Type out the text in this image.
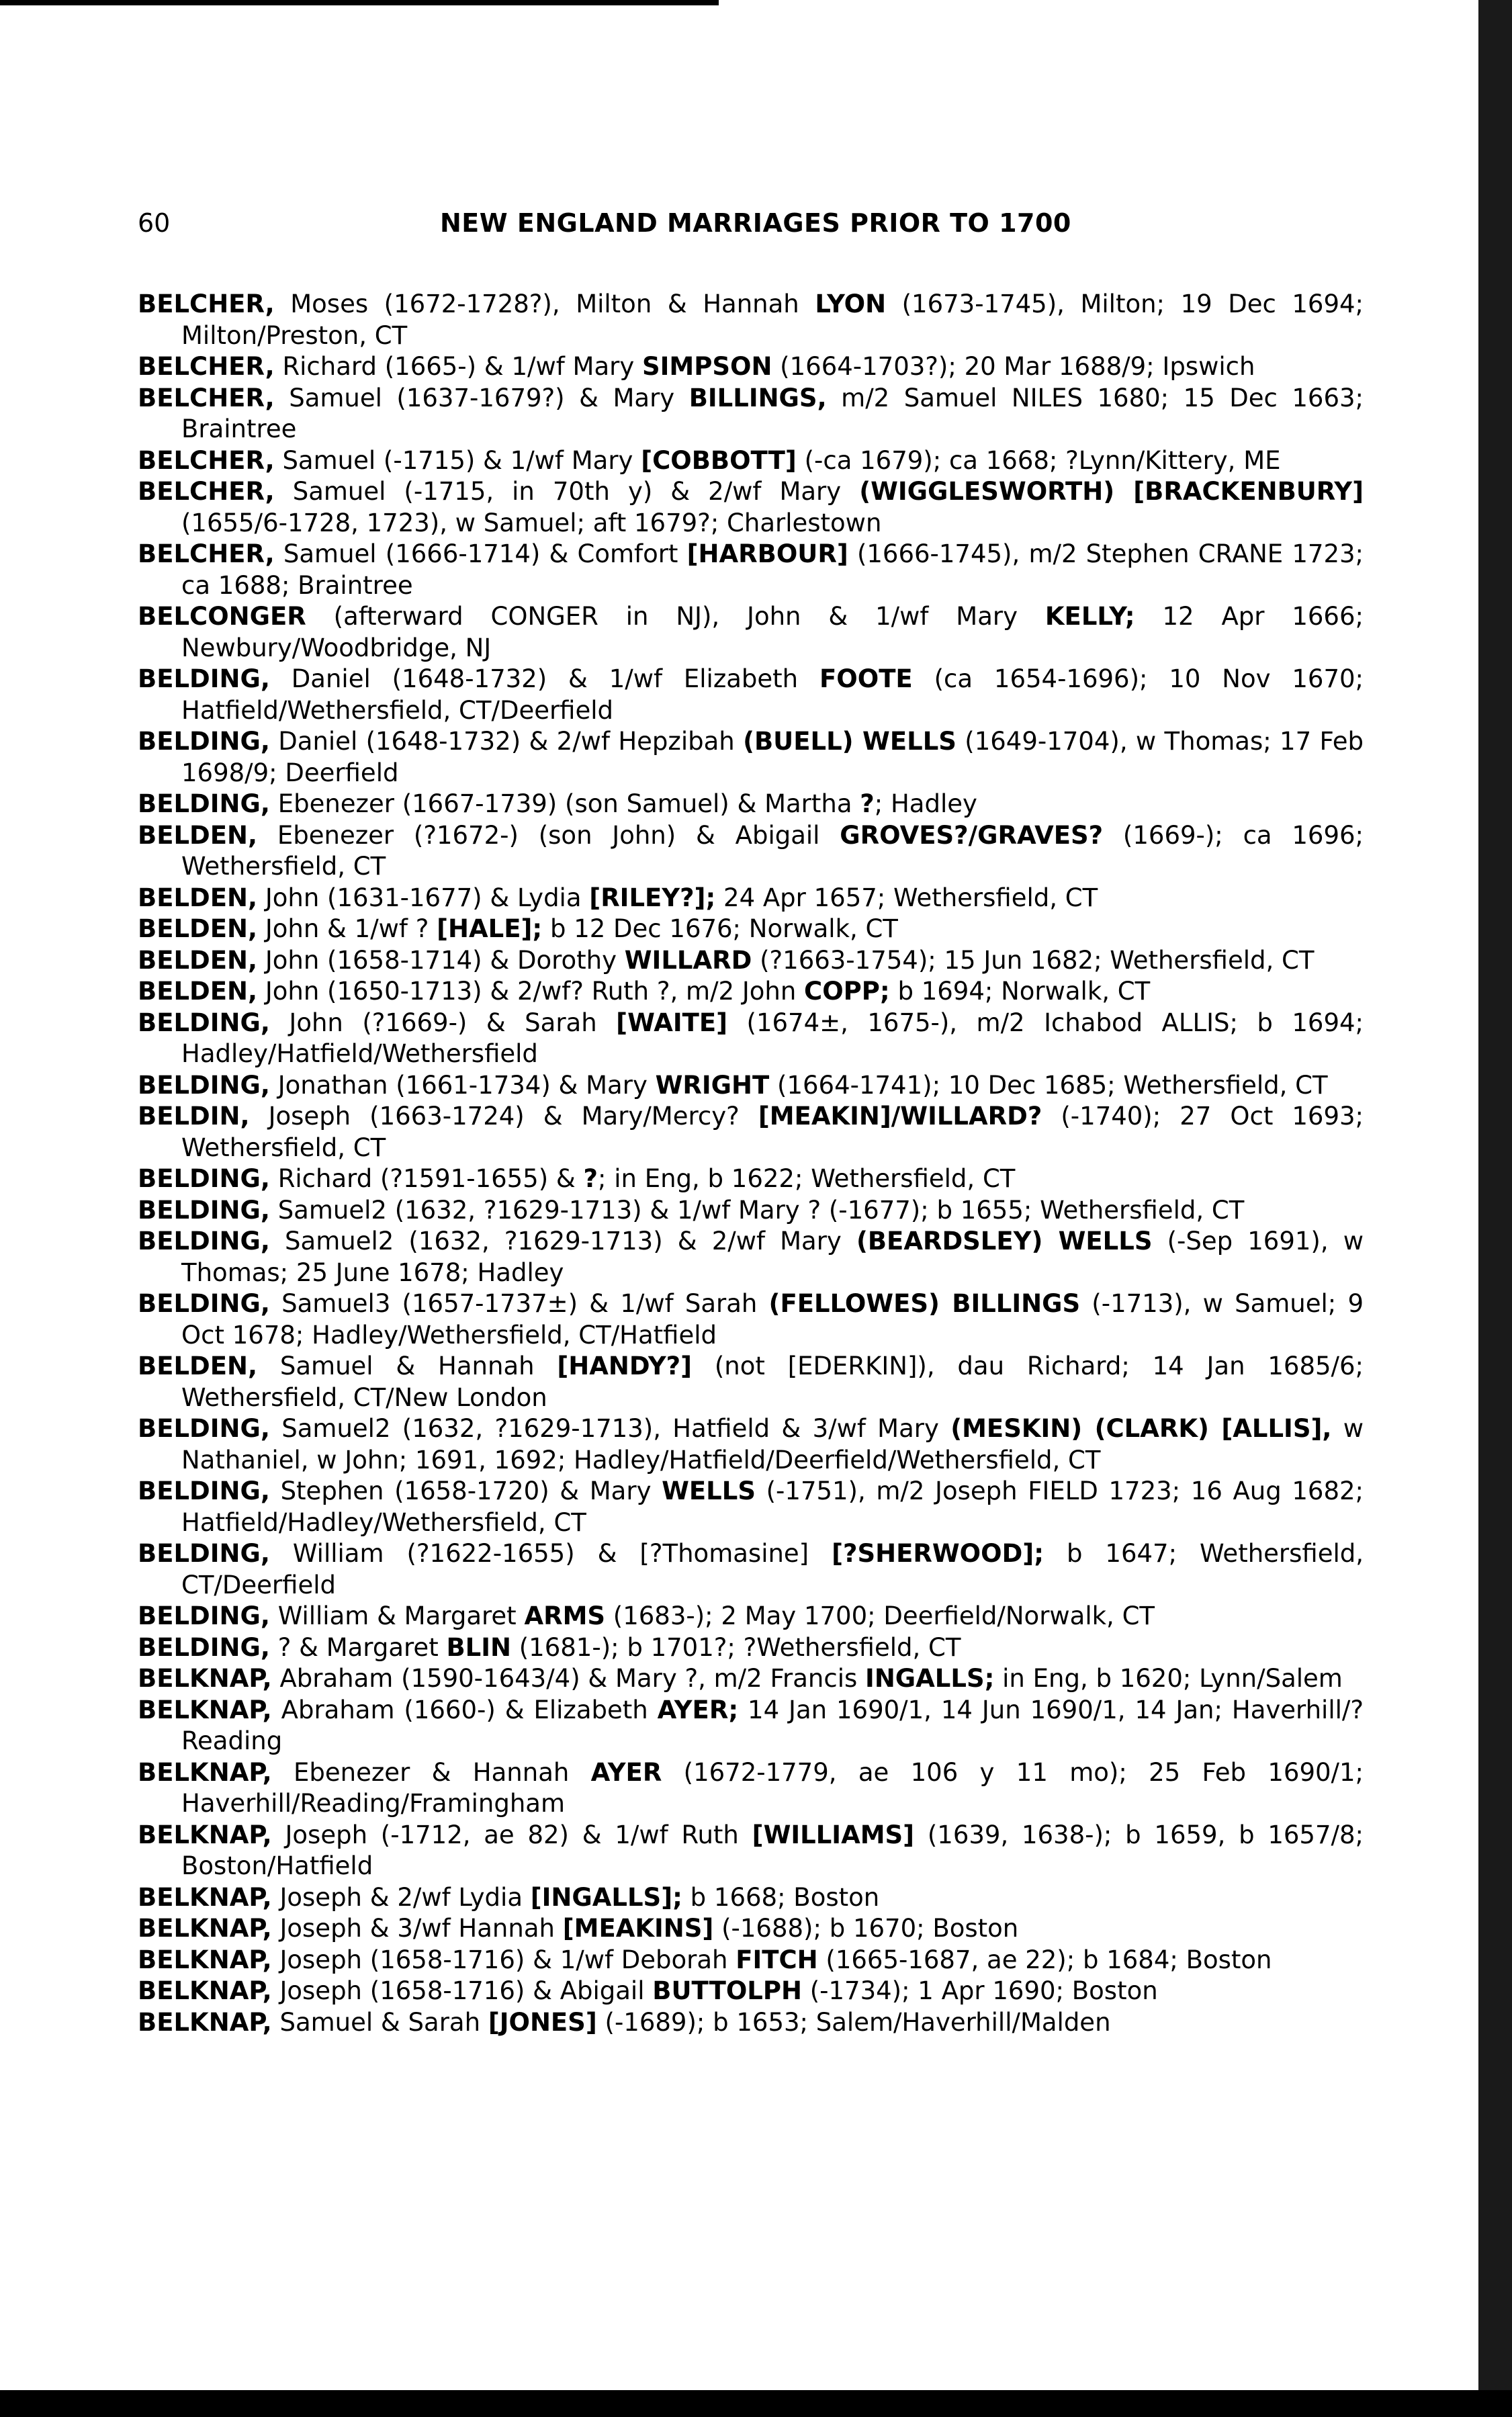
60	NEW ENGLAND MARRIAGES PRIOR TO 1700
BELCHER, Moses (1672-1728?), Milton & Hannah LYON (1673-1745), Milton; 19 Dec 1694; Milton/Preston, CT
BELCHER, Richard (1665-) & 1/wf Mary SIMPSON (1664-1703?); 20 Mar 1688/9; Ipswich
BELCHER, Samuel (1637-1679?) & Mary BILLINGS, m/2 Samuel NILES 1680; 15 Dec 1663; Braintree
BELCHER, Samuel (-1715) & 1/wf Mary [COBBOTT] (-ca 1679); ca 1668; ?Lynn/Kittery, ME
BELCHER, Samuel (-1715, in 70th y) & 2/wf Mary (WIGGLESWORTH) [BRACKENBURY] (1655/6-1728, 1723), w Samuel; aft 1679?; Charlestown
BELCHER, Samuel (1666-1714) & Comfort [HARBOUR] (1666-1745), m/2 Stephen CRANE 1723; ca 1688; Braintree
BELCONGER (afterward CONGER in NJ), John & 1/wf Mary KELLY; 12 Apr 1666; Newbury/Woodbridge, NJ
BELDING, Daniel (1648-1732) & 1/wf Elizabeth FOOTE (ca 1654-1696); 10 Nov 1670; Hatfield/Wethersfield, CT/Deerfield
BELDING, Daniel (1648-1732) & 2/wf Hepzibah (BUELL) WELLS (1649-1704), w Thomas; 17 Feb 1698/9; Deerfield
BELDING, Ebenezer (1667-1739) (son Samuel) & Martha ?; Hadley
BELDEN, Ebenezer (?1672-) (son John) & Abigail GROVES?/GRAVES? (1669-); ca 1696; Wethersfield, CT
BELDEN, John (1631-1677) & Lydia [RILEY?]; 24 Apr 1657; Wethersfield, CT
BELDEN, John & 1/wf ? [HALE]; b 12 Dec 1676; Norwalk, CT
BELDEN, John (1658-1714) & Dorothy WILLARD (?1663-1754); 15 Jun 1682; Wethersfield, CT
BELDEN, John (1650-1713) & 2/wf? Ruth ?, m/2 John COPP; b 1694; Norwalk, CT
BELDING, John (?1669-) & Sarah [WAITE] (1674±, 1675-), m/2 Ichabod ALLIS; b 1694; Hadley/Hatfield/Wethersfield
BELDING, Jonathan (1661-1734) & Mary WRIGHT (1664-1741); 10 Dec 1685; Wethersfield, CT
BELDIN, Joseph (1663-1724) & Mary/Mercy? [MEAKIN]/WILLARD? (-1740); 27 Oct 1693; Wethersfield, CT
BELDING, Richard (?1591-1655) & ?; in Eng, b 1622; Wethersfield, CT
BELDING, Samuel2 (1632, ?1629-1713) & 1/wf Mary ? (-1677); b 1655; Wethersfield, CT
BELDING, Samuel2 (1632, ?1629-1713) & 2/wf Mary (BEARDSLEY) WELLS (-Sep 1691), w Thomas; 25 June 1678; Hadley
BELDING, Samuel3 (1657-1737±) & 1/wf Sarah (FELLOWES) BILLINGS (-1713), w Samuel; 9 Oct 1678; Hadley/Wethersfield, CT/Hatfield
BELDEN, Samuel & Hannah [HANDY?] (not [EDERKIN]), dau Richard; 14 Jan 1685/6; Wethersfield, CT/New London
BELDING, Samuel2 (1632, ?1629-1713), Hatfield & 3/wf Mary (MESKIN) (CLARK) [ALLIS], w Nathaniel, w John; 1691, 1692; Hadley/Hatfield/Deerfield/Wethersfield, CT
BELDING, Stephen (1658-1720) & Mary WELLS (-1751), m/2 Joseph FIELD 1723; 16 Aug 1682; Hatfield/Hadley/Wethersfield, CT
BELDING, William (?1622-1655) & [?Thomasine] [?SHERWOOD]; b 1647; Wethersfield, CT/Deerfield
BELDING, William & Margaret ARMS (1683-); 2 May 1700; Deerfield/Norwalk, CT
BELDING, ? & Margaret BLIN (1681-); b 1701?; ?Wethersfield, CT
BELKNAP, Abraham (1590-1643/4) & Mary ?, m/2 Francis INGALLS; in Eng, b 1620; Lynn/Salem
BELKNAP, Abraham (1660-) & Elizabeth AYER; 14 Jan 1690/1, 14 Jun 1690/1, 14 Jan; Haverhill/?Reading
BELKNAP, Ebenezer & Hannah AYER (1672-1779, ae 106 y 11 mo); 25 Feb 1690/1; Haverhill/Reading/Framingham
BELKNAP, Joseph (-1712, ae 82) & 1/wf Ruth [WILLIAMS] (1639, 1638-); b 1659, b 1657/8; Boston/Hatfield
BELKNAP, Joseph & 2/wf Lydia [INGALLS]; b 1668; Boston
BELKNAP, Joseph & 3/wf Hannah [MEAKINS] (-1688); b 1670; Boston
BELKNAP, Joseph (1658-1716) & 1/wf Deborah FITCH (1665-1687, ae 22); b 1684; Boston
BELKNAP, Joseph (1658-1716) & Abigail BUTTOLPH (-1734); 1 Apr 1690; Boston
BELKNAP, Samuel & Sarah [JONES] (-1689); b 1653; Salem/Haverhill/Malden
